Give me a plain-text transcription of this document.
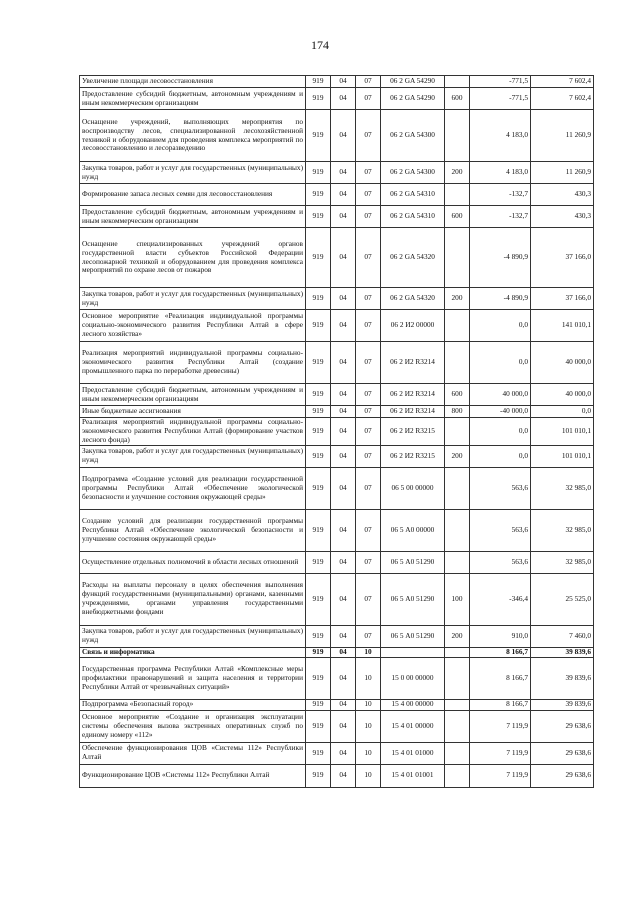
174
Увеличение площади лесовосстановления	919	04	07	06 2 GA 54290		-771,5	7 602,4
Предоставление субсидий бюджетным, автономным учреждениям и иным некоммерческим организациям	919	04	07	06 2 GA 54290	600	-771,5	7 602,4
Оснащение учреждений, выполняющих мероприятия по воспроизводству лесов, специализированной лесохозяйственной техникой и оборудованием для проведения комплекса мероприятий по лесовосстановлению и лесоразведению	919	04	07	06 2 GA 54300		4 183,0	11 260,9
Закупка товаров, работ и услуг для государственных (муниципальных) нужд	919	04	07	06 2 GA 54300	200	4 183,0	11 260,9
Формирование запаса лесных семян для лесовосстановления	919	04	07	06 2 GA 54310		-132,7	430,3
Предоставление субсидий бюджетным, автономным учреждениям и иным некоммерческим организациям	919	04	07	06 2 GA 54310	600	-132,7	430,3
Оснащение специализированных учреждений органов государственной власти субъектов Российской Федерации лесопожарной техникой и оборудованием для проведения комплекса мероприятий по охране лесов от пожаров	919	04	07	06 2 GA 54320		-4 890,9	37 166,0
Закупка товаров, работ и услуг для государственных (муниципальных) нужд	919	04	07	06 2 GA 54320	200	-4 890,9	37 166,0
Основное мероприятие «Реализация индивидуальной программы социально-экономического развития Республики Алтай в сфере лесного хозяйства»	919	04	07	06 2 И2 00000		0,0	141 010,1
Реализация мероприятий индивидуальной программы социально-экономического развития Республики Алтай (создание промышленного парка по переработке древесины)	919	04	07	06 2 И2 R3214		0,0	40 000,0
Предоставление субсидий бюджетным, автономным учреждениям и иным некоммерческим организациям	919	04	07	06 2 И2 R3214	600	40 000,0	40 000,0
Иные бюджетные ассигнования	919	04	07	06 2 И2 R3214	800	-40 000,0	0,0
Реализация мероприятий индивидуальной программы социально-экономического развития Республики Алтай (формирование участков лесного фонда)	919	04	07	06 2 И2 R3215		0,0	101 010,1
Закупка товаров, работ и услуг для государственных (муниципальных) нужд	919	04	07	06 2 И2 R3215	200	0,0	101 010,1
Подпрограмма «Создание условий для реализации государственной программы Республики Алтай «Обеспечение экологической безопасности и улучшение состояния окружающей среды»	919	04	07	06 5 00 00000		563,6	32 985,0
Создание условий для реализации государственной программы Республики Алтай «Обеспечение экологической безопасности и улучшение состояния окружающей среды»	919	04	07	06 5 А0 00000		563,6	32 985,0
Осуществление отдельных полномочий в области лесных отношений	919	04	07	06 5 А0 51290		563,6	32 985,0
Расходы на выплаты персоналу в целях обеспечения выполнения функций государственными (муниципальными) органами, казенными учреждениями, органами управления государственными внебюджетными фондами	919	04	07	06 5 А0 51290	100	-346,4	25 525,0
Закупка товаров, работ и услуг для государственных (муниципальных) нужд	919	04	07	06 5 А0 51290	200	910,0	7 460,0
Связь и информатика	919	04	10			8 166,7	39 839,6
Государственная программа Республики Алтай «Комплексные меры профилактики правонарушений и защита населения и территории Республики Алтай от чрезвычайных ситуаций»	919	04	10	15 0 00 00000		8 166,7	39 839,6
Подпрограмма «Безопасный город»	919	04	10	15 4 00 00000		8 166,7	39 839,6
Основное мероприятие «Создание и организация эксплуатации системы обеспечения вызова экстренных оперативных служб по единому номеру «112»	919	04	10	15 4 01 00000		7 119,9	29 638,6
Обеспечение функционирования ЦОВ «Системы 112» Республики Алтай	919	04	10	15 4 01 01000		7 119,9	29 638,6
Функционирование ЦОВ «Системы 112» Республики Алтай	919	04	10	15 4 01 01001		7 119,9	29 638,6
